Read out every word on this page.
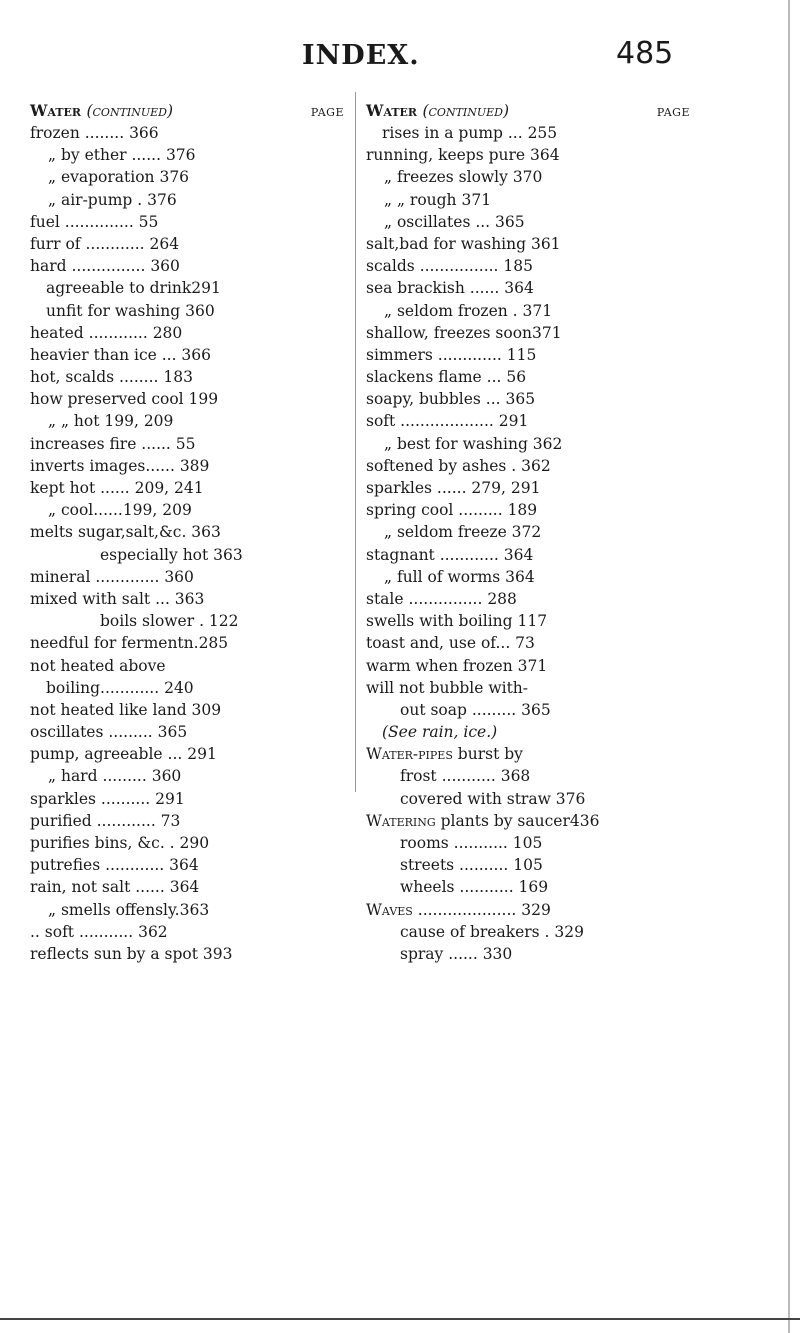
INDEX.	485
Water (continued)	PAGE
frozen ........ 366
„ by ether ...... 376
„ evaporation 376
„ air-pump . 376
fuel .............. 55
furr of ............ 264
hard ............... 360
agreeable to drink291
unfit for washing 360
heated ............ 280
heavier than ice ... 366
hot, scalds ........ 183
how preserved cool 199
„ „ hot 199, 209
increases fire ...... 55
inverts images...... 389
kept hot ...... 209, 241
„ cool......199, 209
melts sugar,salt,&c. 363
especially hot 363
mineral ............. 360
mixed with salt ... 363
boils slower . 122
needful for fermentn.285
not heated above
boiling............ 240
not heated like land 309
oscillates ......... 365
pump, agreeable ... 291
„ hard ......... 360
sparkles .......... 291
purified ............ 73
purifies bins, &c. . 290
putrefies ............ 364
rain, not salt ...... 364
„ smells offensly.363
.. soft ........... 362
reflects sun by a spot 393
Water (continued)	PAGE
rises in a pump ... 255
running, keeps pure 364
„ freezes slowly 370
„ „ rough 371
„ oscillates ... 365
salt,bad for washing 361
scalds ................ 185
sea brackish ...... 364
„ seldom frozen . 371
shallow, freezes soon371
simmers ............. 115
slackens flame ... 56
soapy, bubbles ... 365
soft ................... 291
„ best for washing 362
softened by ashes . 362
sparkles ...... 279, 291
spring cool ......... 189
„ seldom freeze 372
stagnant ............ 364
„ full of worms 364
stale ............... 288
swells with boiling 117
toast and, use of... 73
warm when frozen 371
will not bubble with-
out soap ......... 365
(See rain, ice.)
Water-pipes burst by
frost ........... 368
covered with straw 376
Watering plants by saucer436
rooms ........... 105
streets .......... 105
wheels ........... 169
Waves .................... 329
cause of breakers . 329
spray ...... 330
